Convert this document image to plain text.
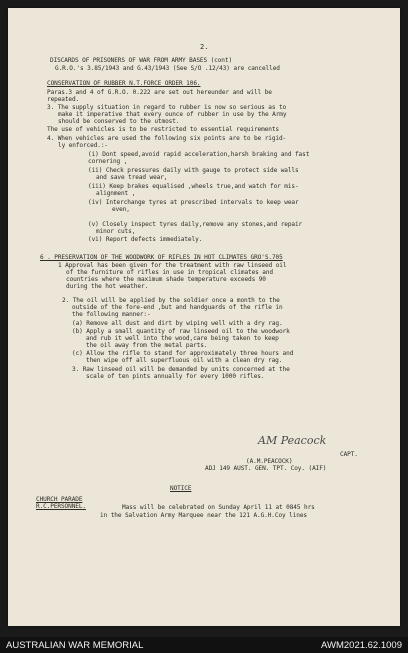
2.
DISCARDS OF PRISONERS OF WAR FROM ARMY BASES (cont)
G.R.O.'s 3.85/1943 and G.43/1943 (See S/O .12/43) are cancelled
CONSERVATION OF RUBBER N.T.FORCE ORDER 106.
Paras.3 and 4 of G.R.O. 0.222 are set out hereunder and will be
repeated.
3. The supply situation in regard to rubber is now so serious as to
make it imperative that every ounce of rubber in use by the Army
should be conserved to the utmost.
The use of vehicles is to be restricted to essential requirements
4. When vehicles are used the following six points are to be rigid-
ly enforced.:-
(i) Dont speed,avoid rapid acceleration,harsh braking and fast
cornering ,
(ii) Check pressures daily with gauge to protect side walls
and save tread wear,
(iii) Keep brakes equalised ,wheels true,and watch for mis-
alignment ,
(iv) Interchange tyres at prescribed intervals to keep wear
even,
(v) Closely inspect tyres daily,remove any stones,and repair
minor cuts,
(vi) Report defects immediately.
6 . PRESERVATION OF THE WOODWORK OF RIFLES IN HOT CLIMATES GRO'S.705
1 Approval has been given for the treatment with raw linseed oil
of the furniture of rifles in use in tropical climates and
countries where the maximum shade temperature exceeds 90
during the hot weather.
2. The oil will be applied by the soldier once a month to the
outside of the fore-end ,but and handguards of the rifle in
the following manner:-
(a) Remove all dust and dirt by wiping well with a dry rag.
(b) Apply a small quantity of raw linseed oil to the woodwork
and rub it well into the wood,care being taken to keep
the oil away from the metal parts.
(c) Allow the rifle to stand for approximately three hours and
then wipe off all superfluous oil with a clean dry rag.
3. Raw linseed oil will be demanded by units concerned at the
scale of ten pints annually for every 1000 rifles.
AM Peacock
CAPT.
(A.M.PEACOCK)
ADJ 149 AUST. GEN. TPT. Coy. (AIF)
NOTICE
CHURCH PARADE
R.C.PERSONNEL.	Mass will be celebrated on Sunday April 11 at 0845 hrs
in the Salvation Army Marquee near the 121 A.G.H.Coy lines
AUSTRALIAN WAR MEMORIAL	AWM2021.62.1009
